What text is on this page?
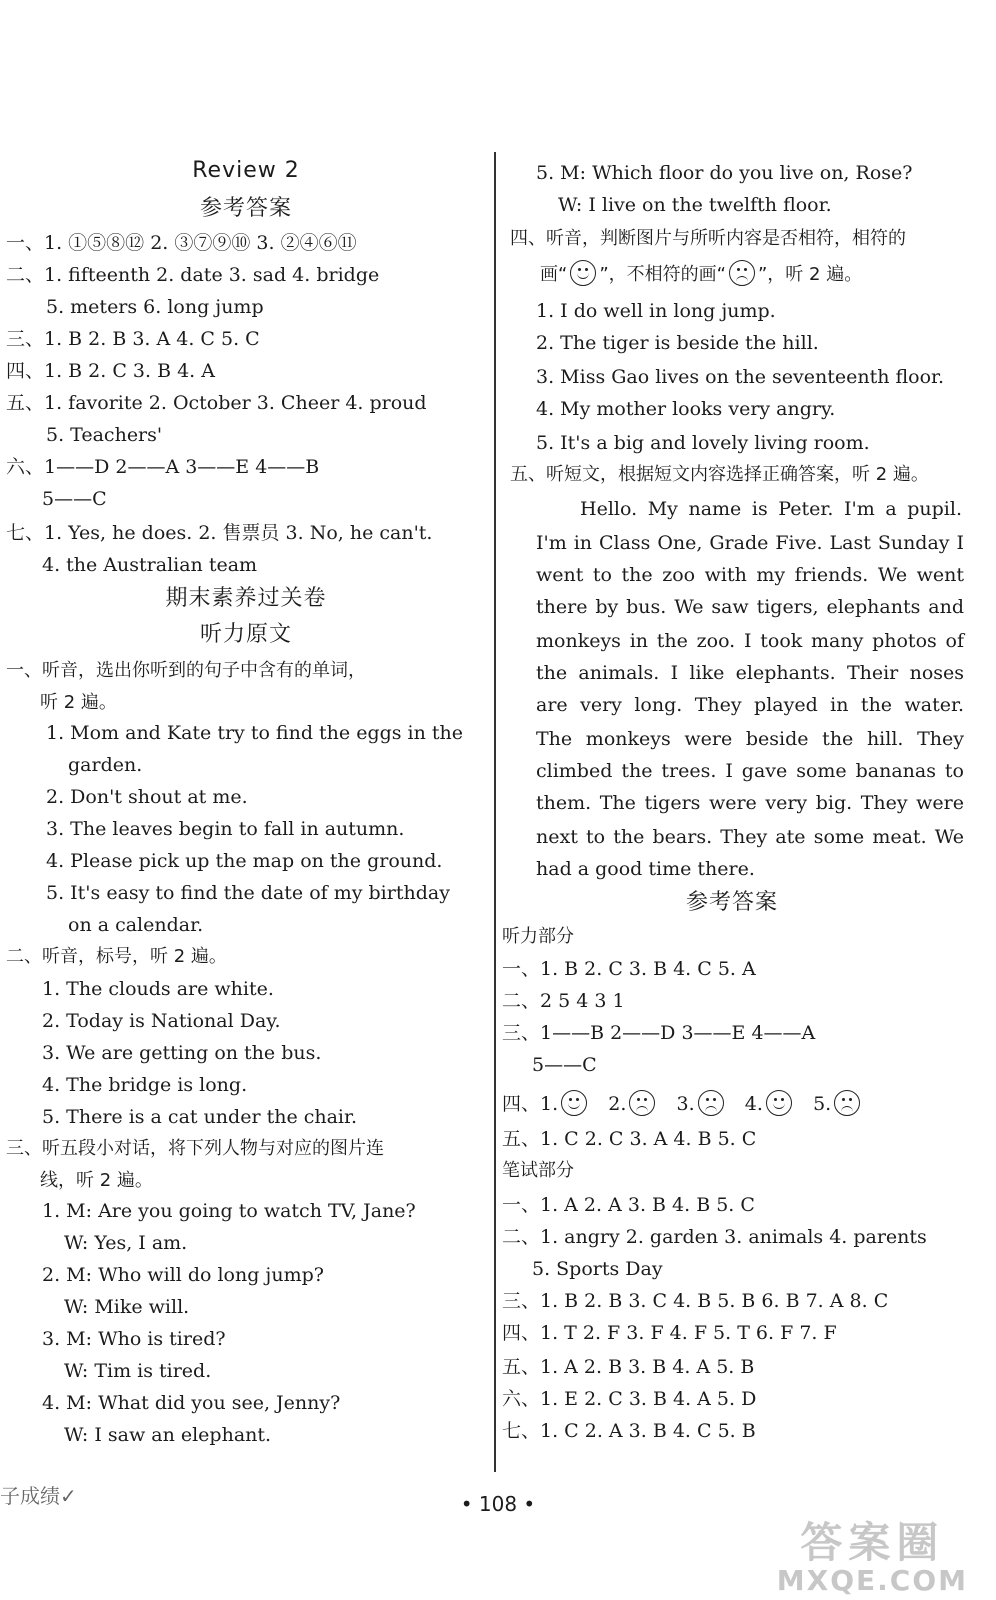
Review 2
参考答案
一、1. ①⑤⑧⑫ 2. ③⑦⑨⑩ 3. ②④⑥⑪
二、1. fifteenth 2. date 3. sad 4. bridge
5. meters 6. long jump
三、1. B 2. B 3. A 4. C 5. C
四、1. B 2. C 3. B 4. A
五、1. favorite 2. October 3. Cheer 4. proud
5. Teachers'
六、1——D 2——A 3——E 4——B
5——C
七、1. Yes, he does. 2. 售票员 3. No, he can't.
4. the Australian team
期末素养过关卷
听力原文
一、听音，选出你听到的句子中含有的单词，
听 2 遍。
1. Mom and Kate try to find the eggs in the
garden.
2. Don't shout at me.
3. The leaves begin to fall in autumn.
4. Please pick up the map on the ground.
5. It's easy to find the date of my birthday
on a calendar.
二、听音，标号，听 2 遍。
1. The clouds are white.
2. Today is National Day.
3. We are getting on the bus.
4. The bridge is long.
5. There is a cat under the chair.
三、听五段小对话，将下列人物与对应的图片连
线，听 2 遍。
1. M: Are you going to watch TV, Jane?
W: Yes, I am.
2. M: Who will do long jump?
W: Mike will.
3. M: Who is tired?
W: Tim is tired.
4. M: What did you see, Jenny?
W: I saw an elephant.
5. M: Which floor do you live on, Rose?
W: I live on the twelfth floor.
四、听音，判断图片与所听内容是否相符，相符的
画“ ”，不相符的画“ ”，听 2 遍。
1. I do well in long jump.
2. The tiger is beside the hill.
3. Miss Gao lives on the seventeenth floor.
4. My mother looks very angry.
5. It's a big and lovely living room.
五、听短文，根据短文内容选择正确答案，听 2 遍。
Hello. My name is Peter. I'm a pupil.
I'm in Class One, Grade Five. Last Sunday I
went to the zoo with my friends. We went
there by bus. We saw tigers, elephants and
monkeys in the zoo. I took many photos of
the animals. I like elephants. Their noses
are very long. They played in the water.
The monkeys were beside the hill. They
climbed the trees. I gave some bananas to
them. The tigers were very big. They were
next to the bears. They ate some meat. We
had a good time there.
参考答案
听力部分
一、1. B 2. C 3. B 4. C 5. A
二、2 5 4 3 1
三、1——B 2——D 3——E 4——A
5——C
四、1.	2.	3.	4.	5.
五、1. C 2. C 3. A 4. B 5. C
笔试部分
一、1. A 2. A 3. B 4. B 5. C
二、1. angry 2. garden 3. animals 4. parents
5. Sports Day
三、1. B 2. B 3. C 4. B 5. B 6. B 7. A 8. C
四、1. T 2. F 3. F 4. F 5. T 6. F 7. F
五、1. A 2. B 3. B 4. A 5. B
六、1. E 2. C 3. B 4. A 5. D
七、1. C 2. A 3. B 4. C 5. B
子成绩✓	• 108 •
答案圈
MXQE.COM
